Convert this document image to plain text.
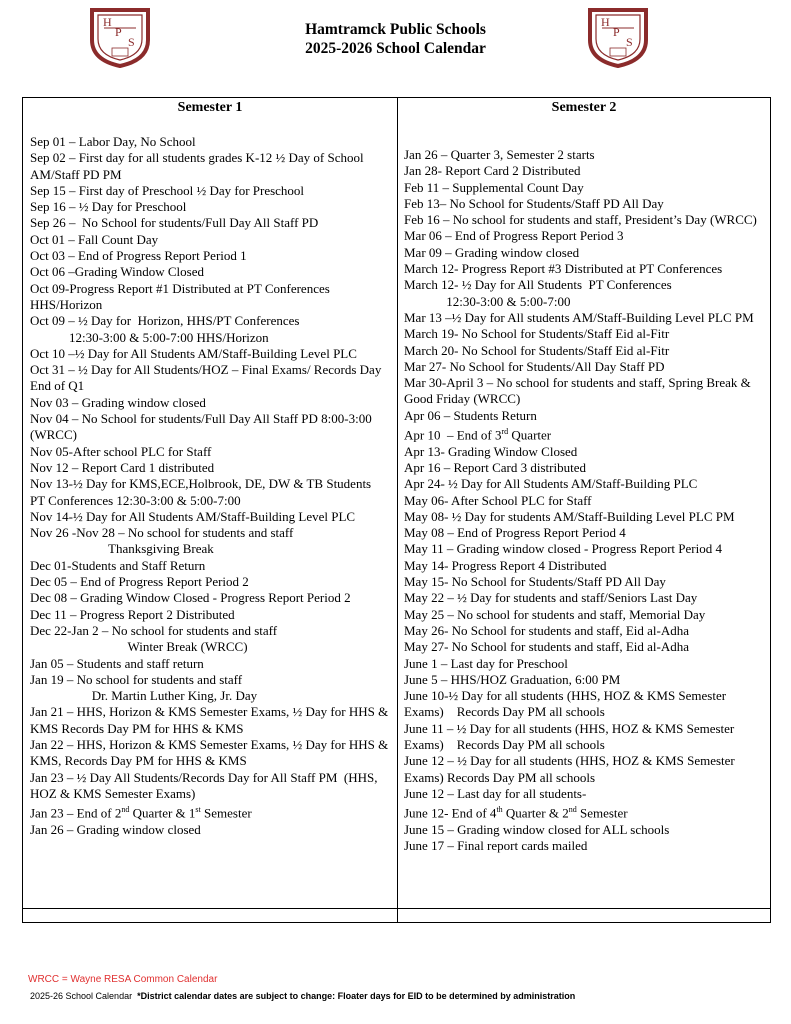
H
P
S
H
P
S
Hamtramck Public Schools
2025-2026 School Calendar
Semester 1	Semester 2
Sep 01 – Labor Day, No School
Sep 02 – First day for all students grades K-12 ½ Day of School AM/Staff PD PM
Sep 15 – First day of Preschool ½ Day for Preschool
Sep 16 – ½ Day for Preschool
Sep 26 –  No School for students/Full Day All Staff PD
Oct 01 – Fall Count Day
Oct 03 – End of Progress Report Period 1
Oct 06 –Grading Window Closed
Oct 09-Progress Report #1 Distributed at PT Conferences HHS/Horizon
Oct 09 – ½ Day for  Horizon, HHS/PT Conferences
12:30-3:00 & 5:00-7:00 HHS/Horizon
Oct 10 –½ Day for All Students AM/Staff-Building Level PLC
Oct 31 – ½ Day for All Students/HOZ – Final Exams/ Records Day End of Q1
Nov 03 – Grading window closed
Nov 04 – No School for students/Full Day All Staff PD 8:00-3:00 (WRCC)
Nov 05-After school PLC for Staff
Nov 12 – Report Card 1 distributed
Nov 13-½ Day for KMS,ECE,Holbrook, DE, DW & TB Students  PT Conferences 12:30-3:00 & 5:00-7:00
Nov 14-½ Day for All Students AM/Staff-Building Level PLC
Nov 26 -Nov 28 – No school for students and staff
Thanksgiving Break
Dec 01-Students and Staff Return
Dec 05 – End of Progress Report Period 2
Dec 08 – Grading Window Closed - Progress Report Period 2
Dec 11 – Progress Report 2 Distributed
Dec 22-Jan 2 – No school for students and staff
Winter Break (WRCC)
Jan 05 – Students and staff return
Jan 19 – No school for students and staff
Dr. Martin Luther King, Jr. Day
Jan 21 – HHS, Horizon & KMS Semester Exams, ½ Day for HHS & KMS Records Day PM for HHS & KMS
Jan 22 – HHS, Horizon & KMS Semester Exams, ½ Day for HHS & KMS, Records Day PM for HHS & KMS
Jan 23 – ½ Day All Students/Records Day for All Staff PM  (HHS, HOZ & KMS Semester Exams)
Jan 23 – End of 2nd Quarter & 1st Semester
Jan 26 – Grading window closed
Jan 26 – Quarter 3, Semester 2 starts
Jan 28- Report Card 2 Distributed
Feb 11 – Supplemental Count Day
Feb 13– No School for Students/Staff PD All Day
Feb 16 – No school for students and staff, President’s Day (WRCC)
Mar 06 – End of Progress Report Period 3
Mar 09 – Grading window closed
March 12- Progress Report #3 Distributed at PT Conferences
March 12- ½ Day for All Students  PT Conferences
12:30-3:00 & 5:00-7:00
Mar 13 –½ Day for All students AM/Staff-Building Level PLC PM
March 19- No School for Students/Staff Eid al-Fitr
March 20- No School for Students/Staff Eid al-Fitr
Mar 27- No School for Students/All Day Staff PD
Mar 30-April 3 – No school for students and staff, Spring Break &  Good Friday (WRCC)
Apr 06 – Students Return
Apr 10  – End of 3rd Quarter
Apr 13- Grading Window Closed
Apr 16 – Report Card 3 distributed
Apr 24- ½ Day for All Students AM/Staff-Building PLC
May 06- After School PLC for Staff
May 08- ½ Day for students AM/Staff-Building Level PLC PM
May 08 – End of Progress Report Period 4
May 11 – Grading window closed - Progress Report Period 4
May 14- Progress Report 4 Distributed
May 15- No School for Students/Staff PD All Day
May 22 – ½ Day for students and staff/Seniors Last Day
May 25 – No school for students and staff, Memorial Day
May 26- No School for students and staff, Eid al-Adha
May 27- No School for students and staff, Eid al-Adha
June 1 – Last day for Preschool
June 5 – HHS/HOZ Graduation, 6:00 PM
June 10-½ Day for all students (HHS, HOZ & KMS Semester Exams)    Records Day PM all schools
June 11 – ½ Day for all students (HHS, HOZ & KMS Semester Exams)    Records Day PM all schools
June 12 – ½ Day for all students (HHS, HOZ & KMS Semester Exams) Records Day PM all schools
June 12 – Last day for all students-
June 12- End of 4th Quarter & 2nd Semester
June 15 – Grading window closed for ALL schools
June 17 – Final report cards mailed
WRCC = Wayne RESA Common Calendar
2025-26 School Calendar *District calendar dates are subject to change: Floater days for EID to be determined by administration
